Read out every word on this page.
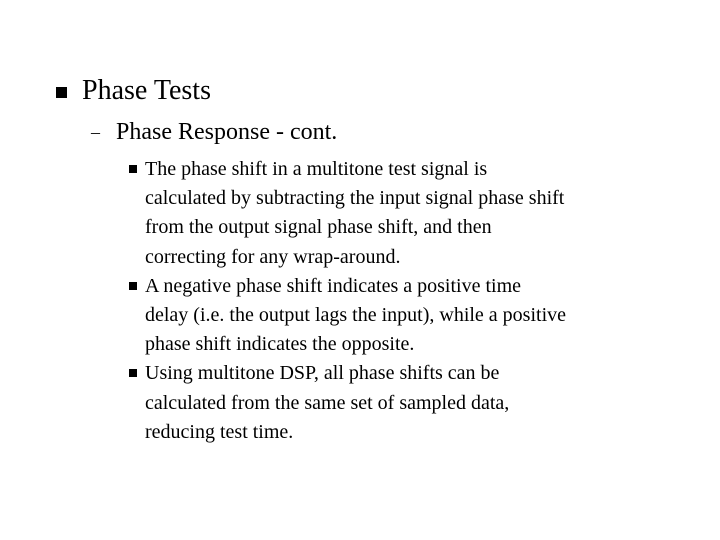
Phase Tests
– Phase Response - cont.
The phase shift in a multitone test signal is
calculated by subtracting the input signal phase shift
from the output signal phase shift, and then
correcting for any wrap-around.
A negative phase shift indicates a positive time
delay (i.e. the output lags the input), while a positive
phase shift indicates the opposite.
Using multitone DSP, all phase shifts can be
calculated from the same set of sampled data,
reducing test time.
